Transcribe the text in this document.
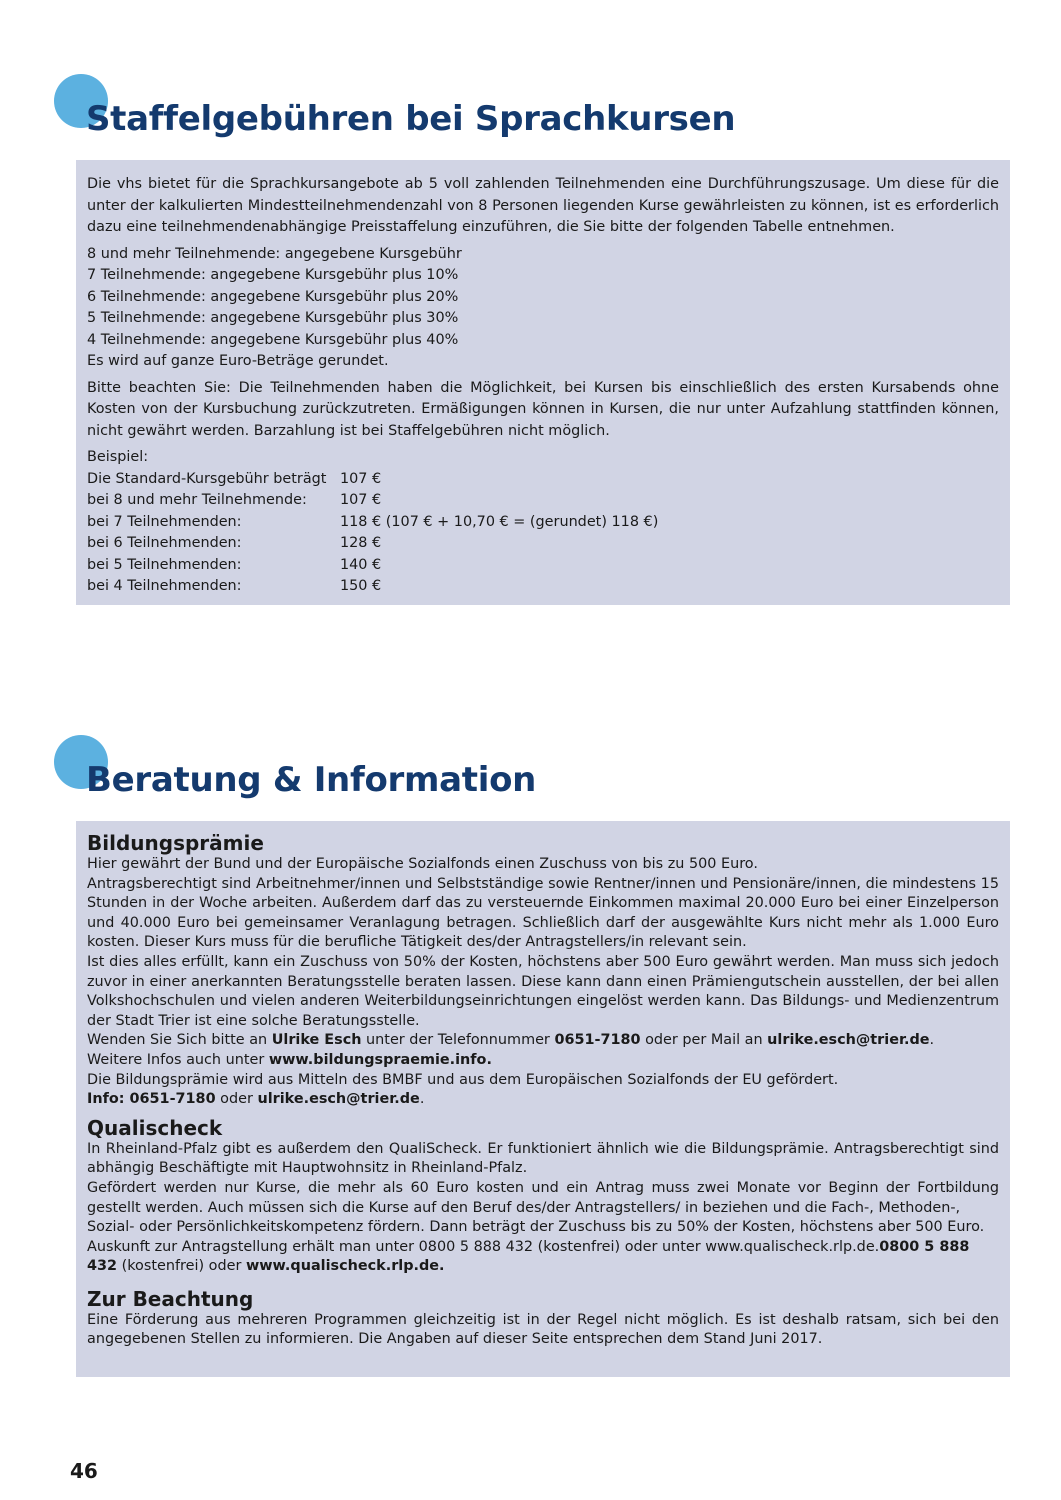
Staffelgebühren bei Sprachkursen

Die vhs bietet für die Sprachkursangebote ab 5 voll zahlenden Teilnehmenden eine Durchführungszusage. Um diese für die unter der kalkulierten Mindestteilnehmendenzahl von 8 Personen liegenden Kurse gewährleisten zu können, ist es erforderlich dazu eine teilnehmendenabhängige Preisstaffelung einzuführen, die Sie bitte der folgenden Tabelle entnehmen.

8 und mehr Teilnehmende: angegebene Kursgebühr
7 Teilnehmende: angegebene Kursgebühr plus 10%
6 Teilnehmende: angegebene Kursgebühr plus 20%
5 Teilnehmende: angegebene Kursgebühr plus 30%
4 Teilnehmende: angegebene Kursgebühr plus 40%
Es wird auf ganze Euro-Beträge gerundet.

Bitte beachten Sie: Die Teilnehmenden haben die Möglichkeit, bei Kursen bis einschließlich des ersten Kursabends ohne Kosten von der Kursbuchung zurückzutreten. Ermäßigungen können in Kursen, die nur unter Aufzahlung stattfinden können, nicht gewährt werden. Barzahlung ist bei Staffelgebühren nicht möglich.

Beispiel:
Die Standard-Kursgebühr beträgt 107 €
bei 8 und mehr Teilnehmende:	107 €
bei 7 Teilnehmenden:	118 € (107 € + 10,70 € = (gerundet) 118 €)
bei 6 Teilnehmenden:	128 €
bei 5 Teilnehmenden:	140 €
bei 4 Teilnehmenden:	150 €
Beratung & Information
Bildungsprämie

Hier gewährt der Bund und der Europäische Sozialfonds einen Zuschuss von bis zu 500 Euro.

Antragsberechtigt sind Arbeitnehmer/innen und Selbstständige sowie Rentner/innen und Pensionäre/innen, die mindestens 15 Stunden in der Woche arbeiten. Außerdem darf das zu versteuernde Einkommen maximal 20.000 Euro bei einer Einzelperson und 40.000 Euro bei gemeinsamer Veranlagung betragen. Schließlich darf der ausgewählte Kurs nicht mehr als 1.000 Euro kosten. Dieser Kurs muss für die berufliche Tätigkeit des/der Antragstellers/in relevant sein.

Ist dies alles erfüllt, kann ein Zuschuss von 50% der Kosten, höchstens aber 500 Euro gewährt werden. Man muss sich jedoch zuvor in einer anerkannten Beratungsstelle beraten lassen. Diese kann dann einen Prämiengutschein ausstellen, der bei allen Volkshochschulen und vielen anderen Weiterbildungseinrichtungen eingelöst werden kann. Das Bildungs- und Medienzentrum der Stadt Trier ist eine solche Beratungsstelle.

Wenden Sie Sich bitte an Ulrike Esch unter der Telefonnummer 0651-7180 oder per Mail an ulrike.esch@trier.de.

Weitere Infos auch unter www.bildungspraemie.info.

Die Bildungsprämie wird aus Mitteln des BMBF und aus dem Europäischen Sozialfonds der EU gefördert.

Info: 0651-7180 oder ulrike.esch@trier.de.

Qualischeck

In Rheinland-Pfalz gibt es außerdem den QualiScheck. Er funktioniert ähnlich wie die Bildungsprämie. Antragsberechtigt sind abhängig Beschäftigte mit Hauptwohnsitz in Rheinland-Pfalz.

Gefördert werden nur Kurse, die mehr als 60 Euro kosten und ein Antrag muss zwei Monate vor Beginn der Fortbildung gestellt werden. Auch müssen sich die Kurse auf den Beruf des/der Antragstellers/ in beziehen und die Fach-, Methoden-,

Sozial- oder Persönlichkeitskompetenz fördern. Dann beträgt der Zuschuss bis zu 50% der Kosten, höchstens aber 500 Euro.

Auskunft zur Antragstellung erhält man unter 0800 5 888 432 (kostenfrei) oder unter www.qualischeck.rlp.de.0800 5 888 432 (kostenfrei) oder www.qualischeck.rlp.de.

Zur Beachtung

Eine Förderung aus mehreren Programmen gleichzeitig ist in der Regel nicht möglich. Es ist deshalb ratsam, sich bei den angegebenen Stellen zu informieren. Die Angaben auf dieser Seite entsprechen dem Stand Juni 2017.

46
